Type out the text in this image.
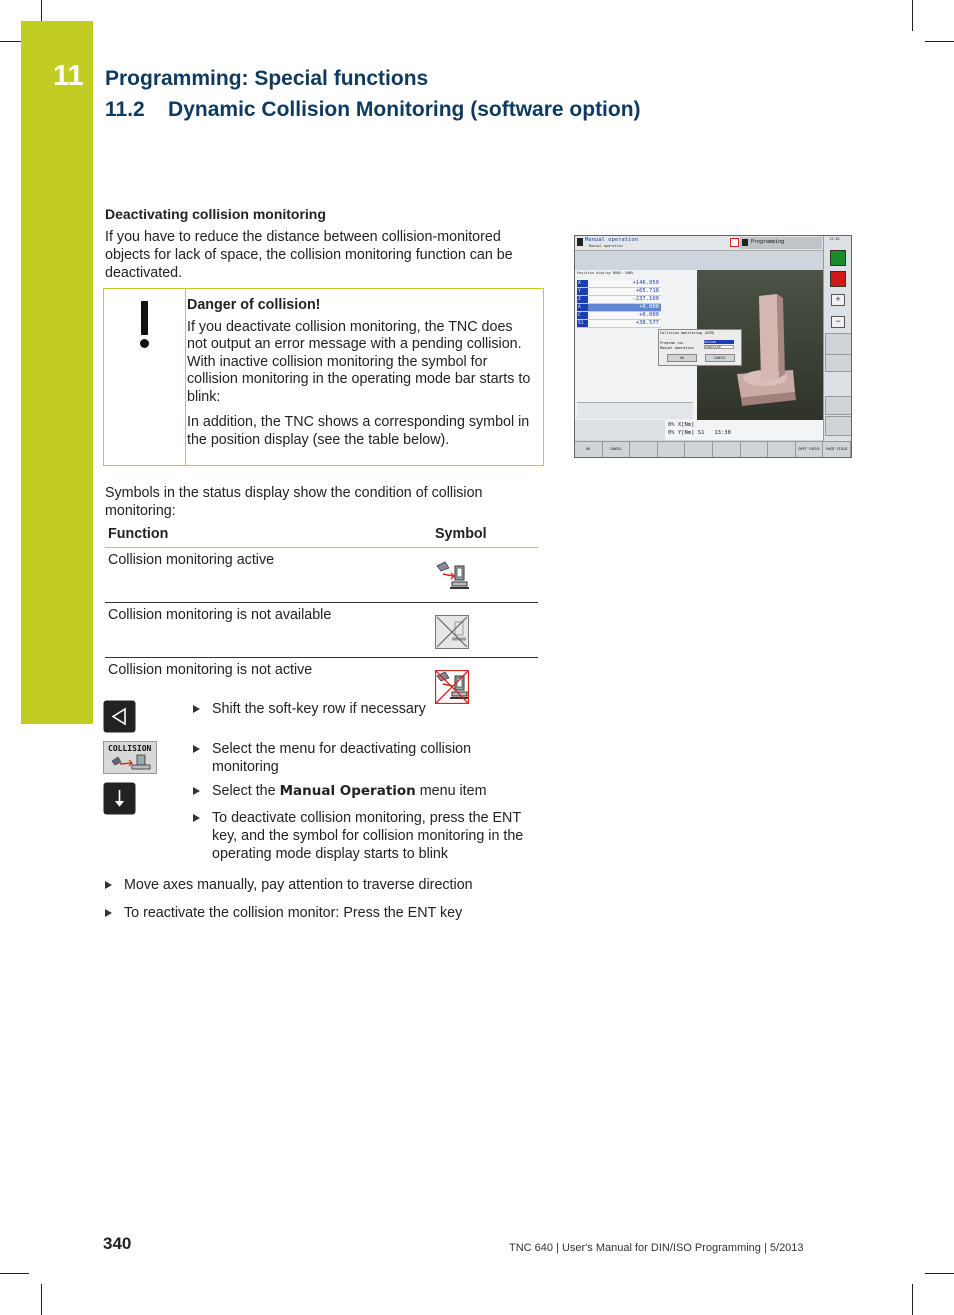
11 Programming: Special functions
11.2    Dynamic Collision Monitoring (software option)
Deactivating collision monitoring
If you have to reduce the distance between collision-monitored objects for lack of space, the collision monitoring function can be deactivated.

Danger of collision!

If you deactivate collision monitoring, the TNC does not output an error message with a pending collision. With inactive collision monitoring the symbol for collision monitoring in the operating mode bar starts to blink:

In addition, the TNC shows a corresponding symbol in the position display (see the table below).

Symbols in the status display show the condition of collision monitoring:
Function	Symbol
Collision monitoring active	
Collision monitoring is not available	
Collision monitoring is not active	
COLLISION

Shift the soft-key row if necessary

Select the menu for deactivating collision monitoring

Select the Manual Operation menu item

To deactivate collision monitoring, press the ENT key, and the symbol for collision monitoring in the operating mode display starts to blink

Move axes manually, pay attention to traverse direction

To reactivate the collision monitor: Press the ENT key

Manual operation
Manual operation
Programming	13:38
+
−
Position display MODE: NOML
X	+146.950
Y	+65.718
Z	-237.100
A	+0.000
C	+0.000
S1	+38.577
Collision monitoring (DCM)
Program run
Manual operation
Active
Inactive
OK	CANCEL
0% X[Nm]
0% Y[Nm] S1   13:38
OK	CANCEL	DEPT FOCUS	PAGE FIELD
340	TNC 640 | User's Manual for DIN/ISO Programming | 5/2013
